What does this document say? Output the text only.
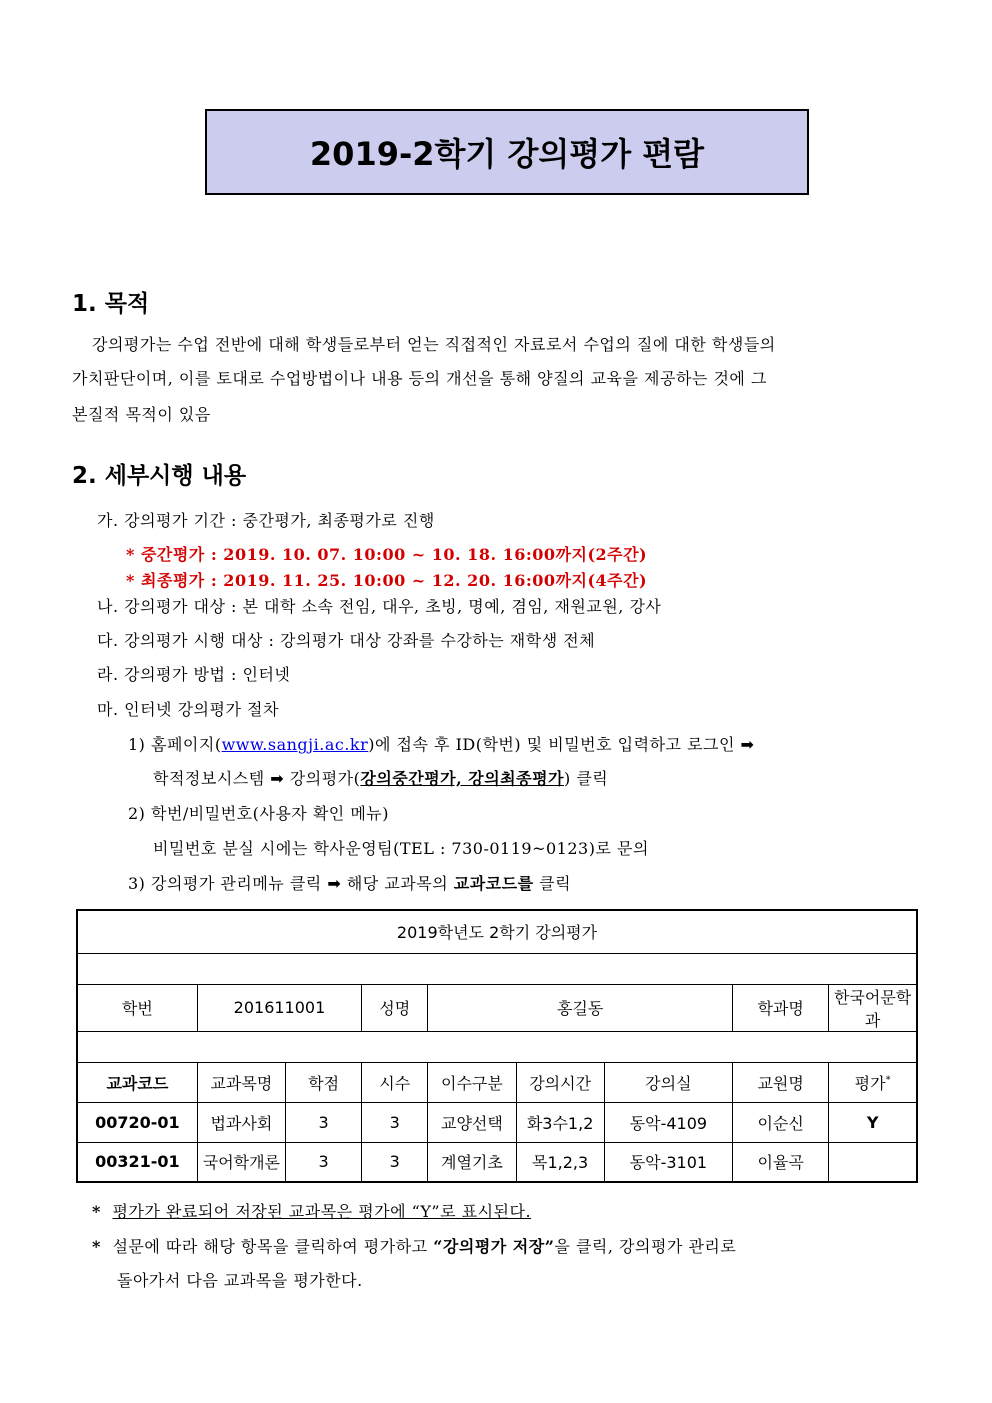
2019-2학기 강의평가 편람
1. 목적
강의평가는 수업 전반에 대해 학생들로부터 얻는 직접적인 자료로서 수업의 질에 대한 학생들의
가치판단이며, 이를 토대로 수업방법이나 내용 등의 개선을 통해 양질의 교육을 제공하는 것에 그
본질적 목적이 있음
2. 세부시행 내용
가. 강의평가 기간 : 중간평가, 최종평가로 진행
* 중간평가 : 2019. 10. 07. 10:00 ~ 10. 18. 16:00까지(2주간)
* 최종평가 : 2019. 11. 25. 10:00 ~ 12. 20. 16:00까지(4주간)
나. 강의평가 대상 : 본 대학 소속 전임, 대우, 초빙, 명예, 겸임, 재원교원, 강사
다. 강의평가 시행 대상 : 강의평가 대상 강좌를 수강하는 재학생 전체
라. 강의평가 방법 : 인터넷
마. 인터넷 강의평가 절차
1) 홈페이지(www.sangji.ac.kr)에 접속 후 ID(학번) 및 비밀번호 입력하고 로그인 ➡
학적정보시스템 ➡ 강의평가(강의중간평가, 강의최종평가) 클릭
2) 학번/비밀번호(사용자 확인 메뉴)
비밀번호 분실 시에는 학사운영팀(TEL : 730-0119~0123)로 문의
3) 강의평가 관리메뉴 클릭 ➡ 해당 교과목의 교과코드를 클릭
2019학년도 2학기 강의평가								

학번	201611001		성명	홍길동			학과명	한국어문학과

교과코드	교과목명	학점	시수	이수구분	강의시간	강의실	교원명	평가*
00720-01	법과사회	3	3	교양선택	화3수1,2	동악-4109	이순신	Y
00321-01	국어학개론	3	3	계열기초	목1,2,3	동악-3101	이율곡	
* 평가가 완료되어 저장된 교과목은 평가에 “Y”로 표시된다.
* 설문에 따라 해당 항목을 클릭하여 평가하고 “강의평가 저장”을 클릭, 강의평가 관리로
돌아가서 다음 교과목을 평가한다.
